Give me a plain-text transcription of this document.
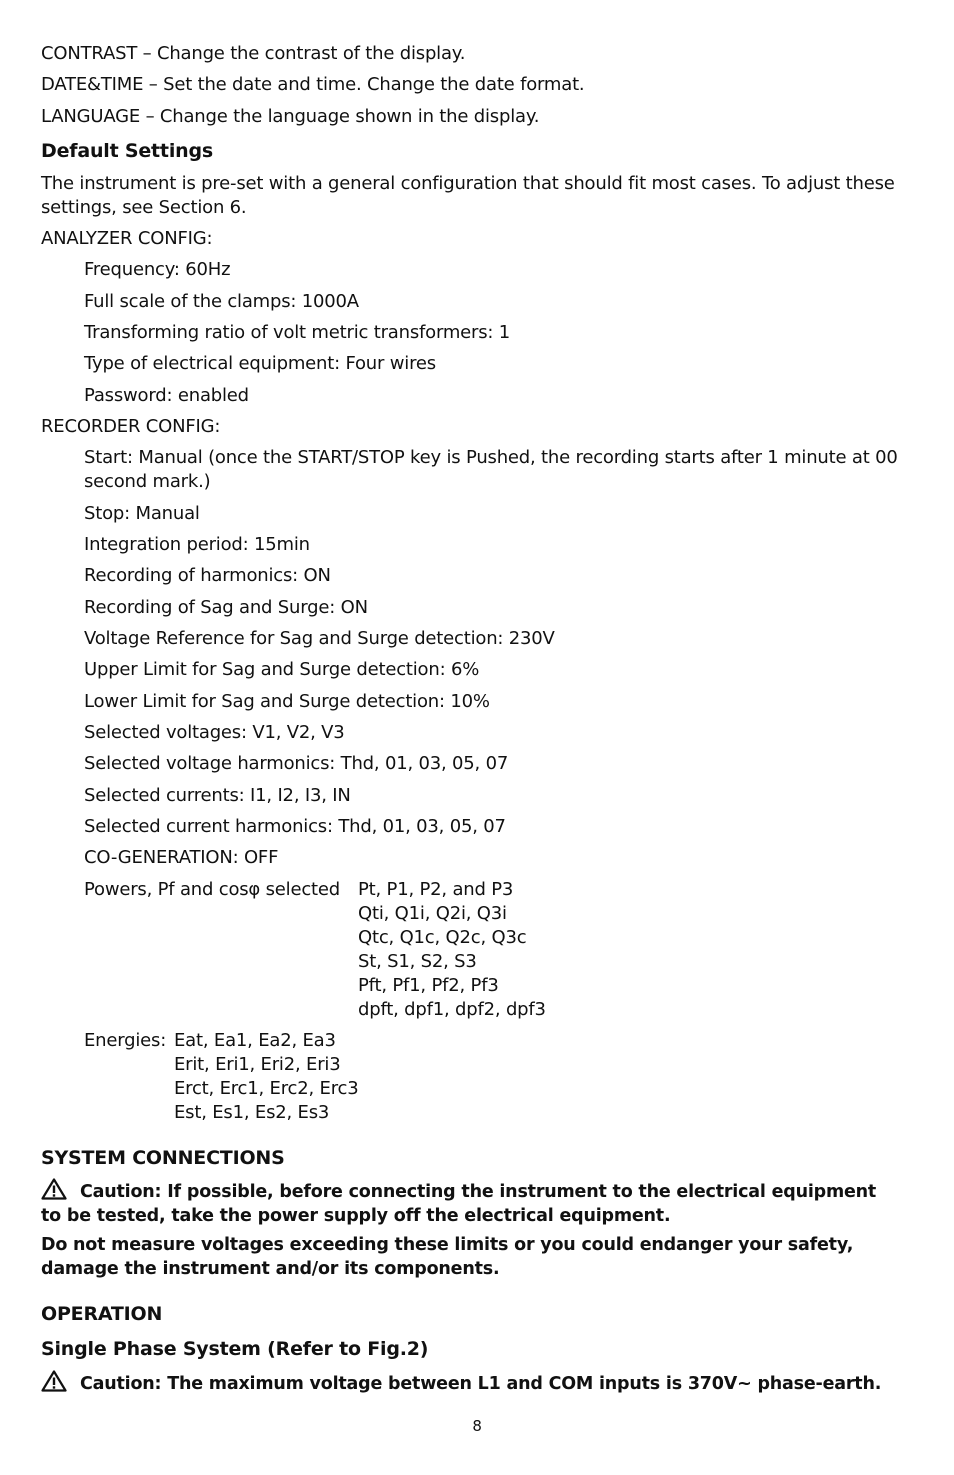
CONTRAST – Change the contrast of the display.
DATE&TIME – Set the date and time. Change the date format.
LANGUAGE – Change the language shown in the display.
Default Settings
The instrument is pre-set with a general configuration that should fit most cases. To adjust these settings, see Section 6.
ANALYZER CONFIG:
Frequency: 60Hz
Full scale of the clamps: 1000A
Transforming ratio of volt metric transformers: 1
Type of electrical equipment: Four wires
Password: enabled
RECORDER CONFIG:
Start: Manual (once the START/STOP key is Pushed, the recording starts after 1 minute at 00 second mark.)
Stop: Manual
Integration period: 15min
Recording of harmonics: ON
Recording of Sag and Surge: ON
Voltage Reference for Sag and Surge detection: 230V
Upper Limit for Sag and Surge detection: 6%
Lower Limit for Sag and Surge detection: 10%
Selected voltages: V1, V2, V3
Selected voltage harmonics: Thd, 01, 03, 05, 07
Selected currents: I1, I2, I3, IN
Selected current harmonics: Thd, 01, 03, 05, 07
CO-GENERATION: OFF
Powers, Pf and cosφ selected Pt, P1, P2, and P3
Qti, Q1i, Q2i, Q3i
Qtc, Q1c, Q2c, Q3c
St, S1, S2, S3
Pft, Pf1, Pf2, Pf3
dpft, dpf1, dpf2, dpf3
Energies: Eat, Ea1, Ea2, Ea3
Erit, Eri1, Eri2, Eri3
Erct, Erc1, Erc2, Erc3
Est, Es1, Es2, Es3
SYSTEM CONNECTIONS
Caution: If possible, before connecting the instrument to the electrical equipment to be tested, take the power supply off the electrical equipment.
Do not measure voltages exceeding these limits or you could endanger your safety, damage the instrument and/or its components.
OPERATION
Single Phase System (Refer to Fig.2)
Caution: The maximum voltage between L1 and COM inputs is 370V~ phase-earth.
8
